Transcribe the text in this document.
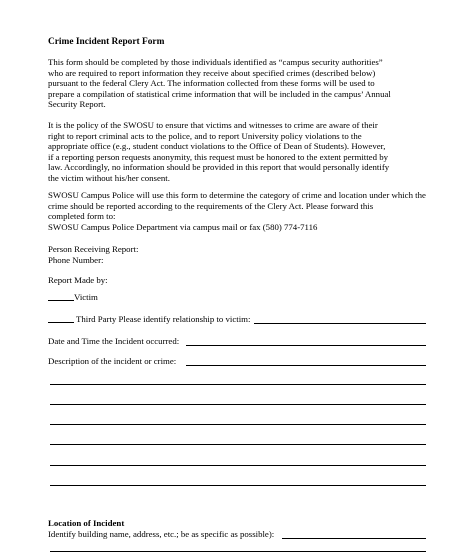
Crime Incident Report Form
This form should be completed by those individuals identified as “campus security authorities”
who are required to report information they receive about specified crimes (described below)
pursuant to the federal Clery Act. The information collected from these forms will be used to
prepare a compilation of statistical crime information that will be included in the campus’ Annual
Security Report.
It is the policy of the SWOSU to ensure that victims and witnesses to crime are aware of their
right to report criminal acts to the police, and to report University policy violations to the
appropriate office (e.g., student conduct violations to the Office of Dean of Students). However,
if a reporting person requests anonymity, this request must be honored to the extent permitted by
law. Accordingly, no information should be provided in this report that would personally identify
the victim without his/her consent.
SWOSU Campus Police will use this form to determine the category of crime and location under which the
crime should be reported according to the requirements of the Clery Act. Please forward this
completed form to:
SWOSU Campus Police Department via campus mail or fax (580) 774-7116
Person Receiving Report:
Phone Number:
Report Made by:
Victim
Third Party Please identify relationship to victim:
Date and Time the Incident occurred:
Description of the incident or crime:
Location of Incident
Identify building name, address, etc.; be as specific as possible):
